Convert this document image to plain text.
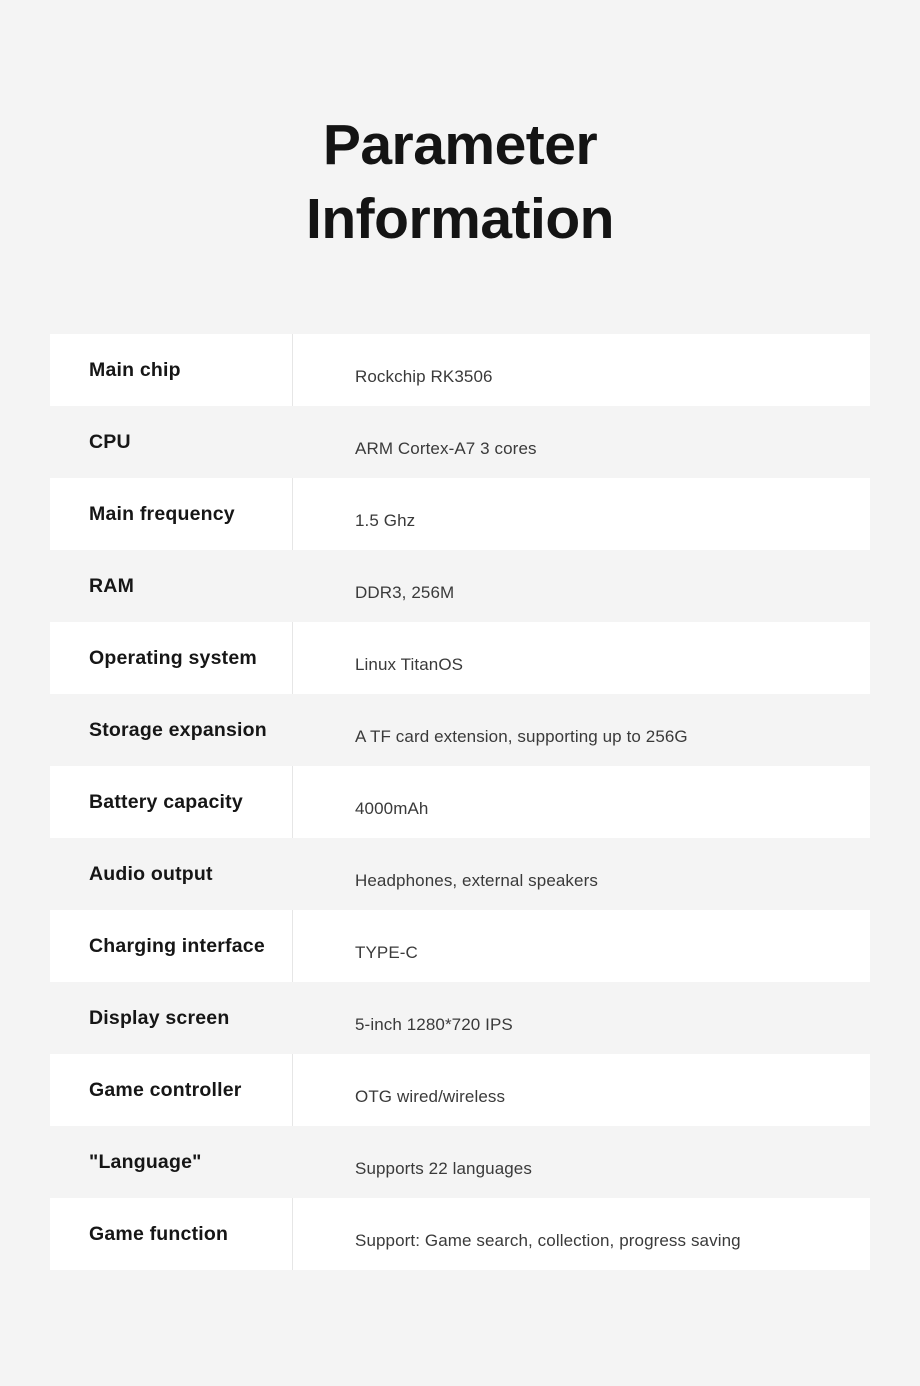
Parameter
Information
Main chip	Rockchip RK3506
CPU	ARM Cortex-A7 3 cores
Main frequency	1.5 Ghz
RAM	DDR3, 256M
Operating system	Linux TitanOS
Storage expansion	A TF card extension, supporting up to 256G
Battery capacity	4000mAh
Audio output	Headphones, external speakers
Charging interface	TYPE-C
Display screen	5-inch 1280*720 IPS
Game controller	OTG wired/wireless
"Language"	Supports 22 languages
Game function	Support: Game search, collection, progress saving
